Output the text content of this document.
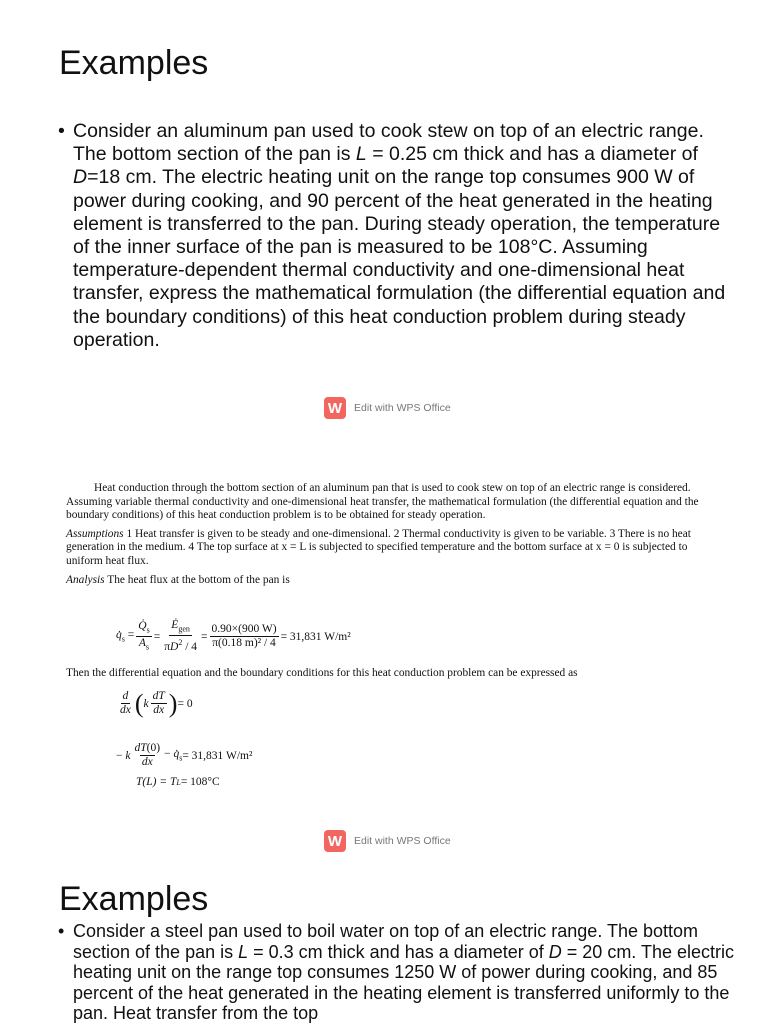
Examples
• Consider an aluminum pan used to cook stew on top of an electric range. The bottom section of the pan is L = 0.25 cm thick and has a diameter of D=18 cm. The electric heating unit on the range top consumes 900 W of power during cooking, and 90 percent of the heat generated in the heating element is transferred to the pan. During steady operation, the temperature of the inner surface of the pan is measured to be 108°C. Assuming temperature-dependent thermal conductivity and one-dimensional heat transfer, express the mathematical formulation (the differential equation and the boundary conditions) of this heat conduction problem during steady operation.
W	Edit with WPS Office

Heat conduction through the bottom section of an aluminum pan that is used to cook stew on top of an electric range is considered. Assuming variable thermal conductivity and one-dimensional heat transfer, the mathematical formulation (the differential equation and the boundary conditions) of this heat conduction problem is to be obtained for steady operation.

Assumptions 1 Heat transfer is given to be steady and one-dimensional. 2 Thermal conductivity is given to be variable. 3 There is no heat generation in the medium. 4 The top surface at x = L is subjected to specified temperature and the bottom surface at x = 0 is subjected to uniform heat flux.

Analysis The heat flux at the bottom of the pan is

$q̇_s = \frac{Q̇_s}{A_s} = \frac{Ė_{gen}}{\pi D^2 / 4} = \frac{0.90\times(900 W)}{\text{π(0.18 m)² / 4}} = 31,831$ W/m²

Then the differential equation and the boundary conditions for this heat conduction problem can be expressed as

$\frac{d}{dx}$ ( k $\frac{dT}{dx}$ ) = 0
− k $\frac{dT(0)}{dx}$ − $q̇_s = 31,831$ W/m²
T(L) = T L = 108°C
W	Edit with WPS Office
Examples
• Consider a steel pan used to boil water on top of an electric range. The bottom section of the pan is L = 0.3 cm thick and has a diameter of D = 20 cm. The electric heating unit on the range top consumes 1250 W of power during cooking, and 85 percent of the heat generated in the heating element is transferred uniformly to the pan. Heat transfer from the top
